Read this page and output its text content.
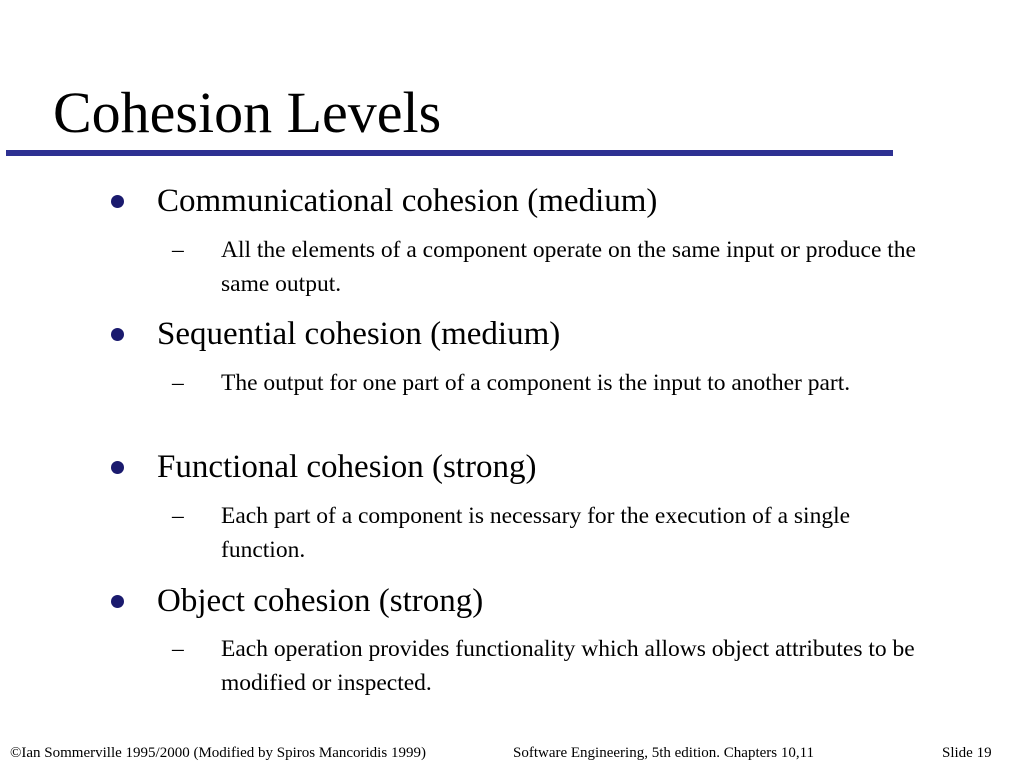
Cohesion Levels
Communicational cohesion (medium)
– All the elements of a component operate on the same input or produce the same output.
Sequential cohesion (medium)
– The output for one part of a component is the input to another part.
Functional cohesion (strong)
– Each part of a component is necessary for the execution of a single function.
Object cohesion (strong)
– Each operation provides functionality which allows object attributes to be modified or inspected.
©Ian Sommerville 1995/2000 (Modified by Spiros Mancoridis 1999)	Software Engineering, 5th edition. Chapters 10,11	Slide 19
